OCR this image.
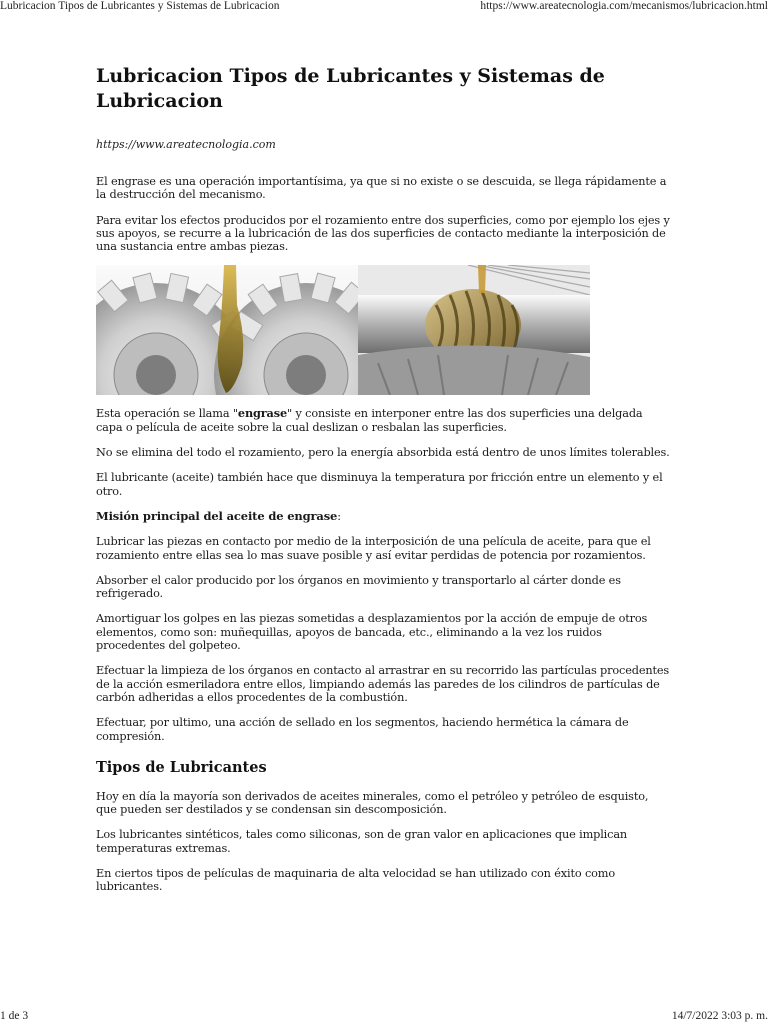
Lubricacion Tipos de Lubricantes y Sistemas de Lubricacion	https://www.areatecnologia.com/mecanismos/lubricacion.html
Lubricacion Tipos de Lubricantes y Sistemas de Lubricacion
https://www.areatecnologia.com

El engrase es una operación importantísima, ya que si no existe o se descuida, se llega rápidamente a la destrucción del mecanismo.

Para evitar los efectos producidos por el rozamiento entre dos superficies, como por ejemplo los ejes y sus apoyos, se recurre a la lubricación de las dos superficies de contacto mediante la interposición de una sustancia entre ambas piezas.

Esta operación se llama "engrase" y consiste en interponer entre las dos superficies una delgada capa o película de aceite sobre la cual deslizan o resbalan las superficies.

No se elimina del todo el rozamiento, pero la energía absorbida está dentro de unos límites tolerables.

El lubricante (aceite) también hace que disminuya la temperatura por fricción entre un elemento y el otro.

Misión principal del aceite de engrase:

Lubricar las piezas en contacto por medio de la interposición de una película de aceite, para que el rozamiento entre ellas sea lo mas suave posible y así evitar perdidas de potencia por rozamientos.

Absorber el calor producido por los órganos en movimiento y transportarlo al cárter donde es refrigerado.

Amortiguar los golpes en las piezas sometidas a desplazamientos por la acción de empuje de otros elementos, como son: muñequillas, apoyos de bancada, etc., eliminando a la vez los ruidos procedentes del golpeteo.

Efectuar la limpieza de los órganos en contacto al arrastrar en su recorrido las partículas procedentes de la acción esmeriladora entre ellos, limpiando además las paredes de los cilindros de partículas de carbón adheridas a ellos procedentes de la combustión.

Efectuar, por ultimo, una acción de sellado en los segmentos, haciendo hermética la cámara de compresión.

Tipos de Lubricantes

Hoy en día la mayoría son derivados de aceites minerales, como el petróleo y petróleo de esquisto, que pueden ser destilados y se condensan sin descomposición.

Los lubricantes sintéticos, tales como siliconas, son de gran valor en aplicaciones que implican temperaturas extremas.

En ciertos tipos de películas de maquinaria de alta velocidad se han utilizado con éxito como lubricantes.

1 de 3	14/7/2022 3:03 p. m.
